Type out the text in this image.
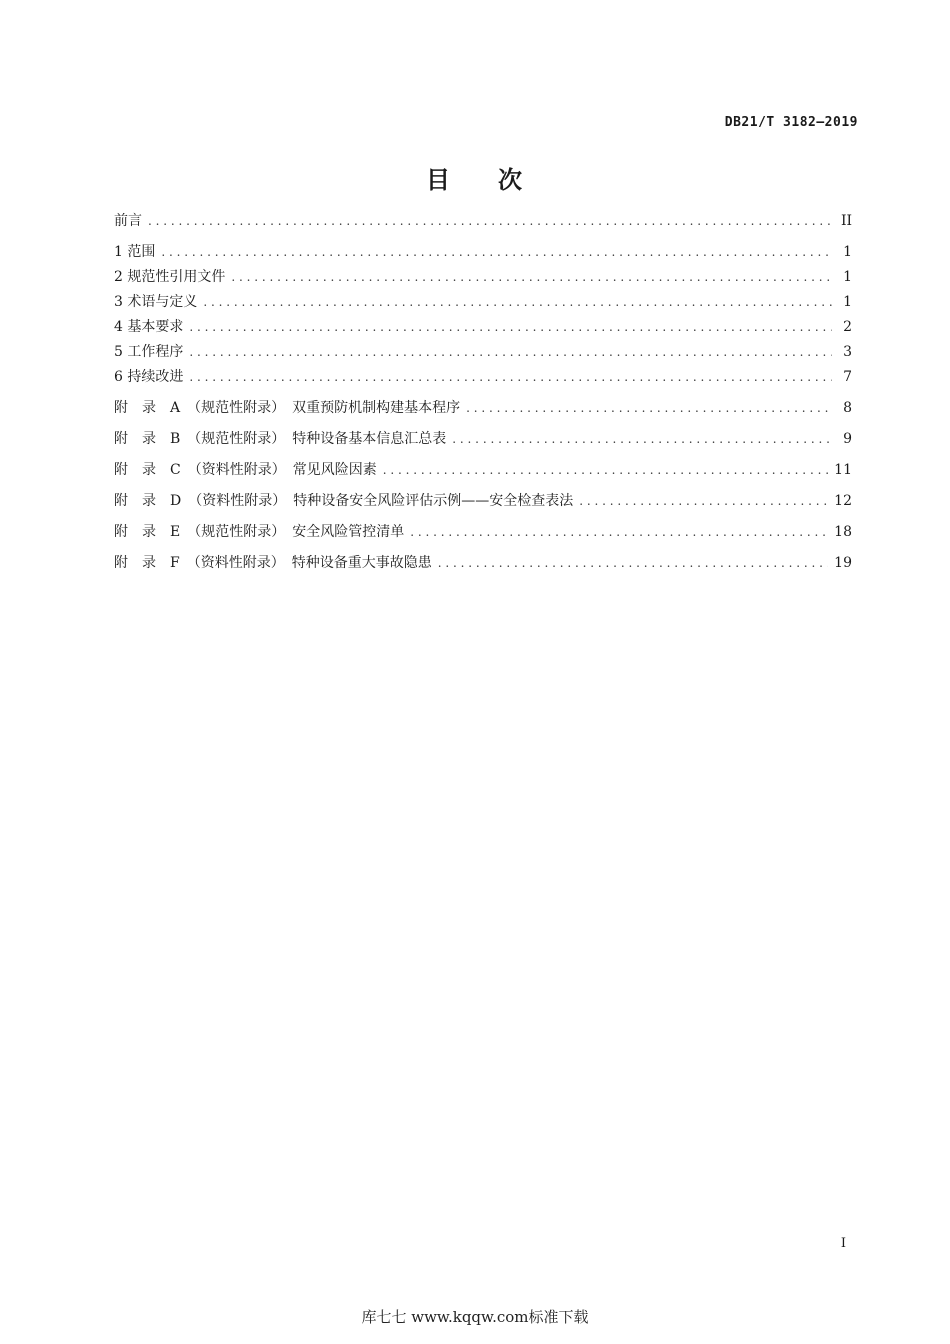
DB21/T 3182—2019
目 次
前言 . . .	II
1 范围 . . .	1
2 规范性引用文件 . . .	1
3 术语与定义 . . .	1
4 基本要求 . . .	2
5 工作程序 . . .	3
6 持续改进 . . .	7
附　录　A　（规范性附录）　双重预防机制构建基本程序 . . .	8
附　录　B　（规范性附录）　特种设备基本信息汇总表 . . .	9
附　录　C　（资料性附录）　常见风险因素 . . .	11
附　录　D　（资料性附录）　特种设备安全风险评估示例——安全检查表法 . . .	12
附　录　E　（规范性附录）　安全风险管控清单 . . .	18
附　录　F　（资料性附录）　特种设备重大事故隐患 . . .	19
I
库七七 www.kqqw.com标准下载
